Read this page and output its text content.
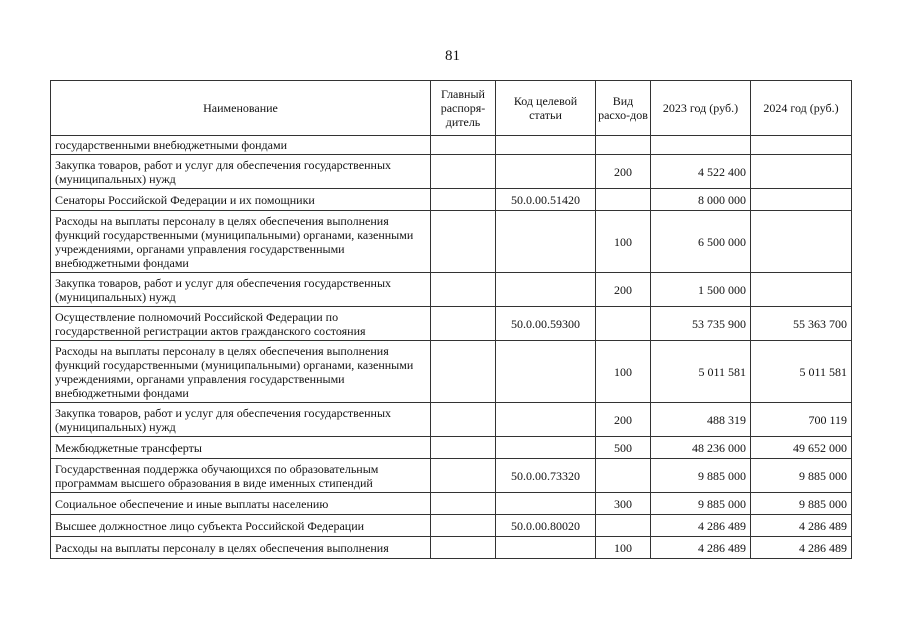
81
Наименование	Главный распоря-дитель	Код целевой статьи	Вид расхо-дов	2023 год (руб.)	2024 год (руб.)
государственными внебюджетными фондами					
Закупка товаров, работ и услуг для обеспечения государственных (муниципальных) нужд			200	4 522 400	
Сенаторы Российской Федерации и их помощники		50.0.00.51420		8 000 000	
Расходы на выплаты персоналу в целях обеспечения выполнения функций государственными (муниципальными) органами, казенными учреждениями, органами управления государственными внебюджетными фондами			100	6 500 000	
Закупка товаров, работ и услуг для обеспечения государственных (муниципальных) нужд			200	1 500 000	
Осуществление полномочий Российской Федерации по государственной регистрации актов гражданского состояния		50.0.00.59300		53 735 900	55 363 700
Расходы на выплаты персоналу в целях обеспечения выполнения функций государственными (муниципальными) органами, казенными учреждениями, органами управления государственными внебюджетными фондами			100	5 011 581	5 011 581
Закупка товаров, работ и услуг для обеспечения государственных (муниципальных) нужд			200	488 319	700 119
Межбюджетные трансферты			500	48 236 000	49 652 000
Государственная поддержка обучающихся по образовательным программам высшего образования в виде именных стипендий		50.0.00.73320		9 885 000	9 885 000
Социальное обеспечение и иные выплаты населению			300	9 885 000	9 885 000
Высшее должностное лицо субъекта Российской Федерации		50.0.00.80020		4 286 489	4 286 489
Расходы на выплаты персоналу в целях обеспечения выполнения			100	4 286 489	4 286 489
